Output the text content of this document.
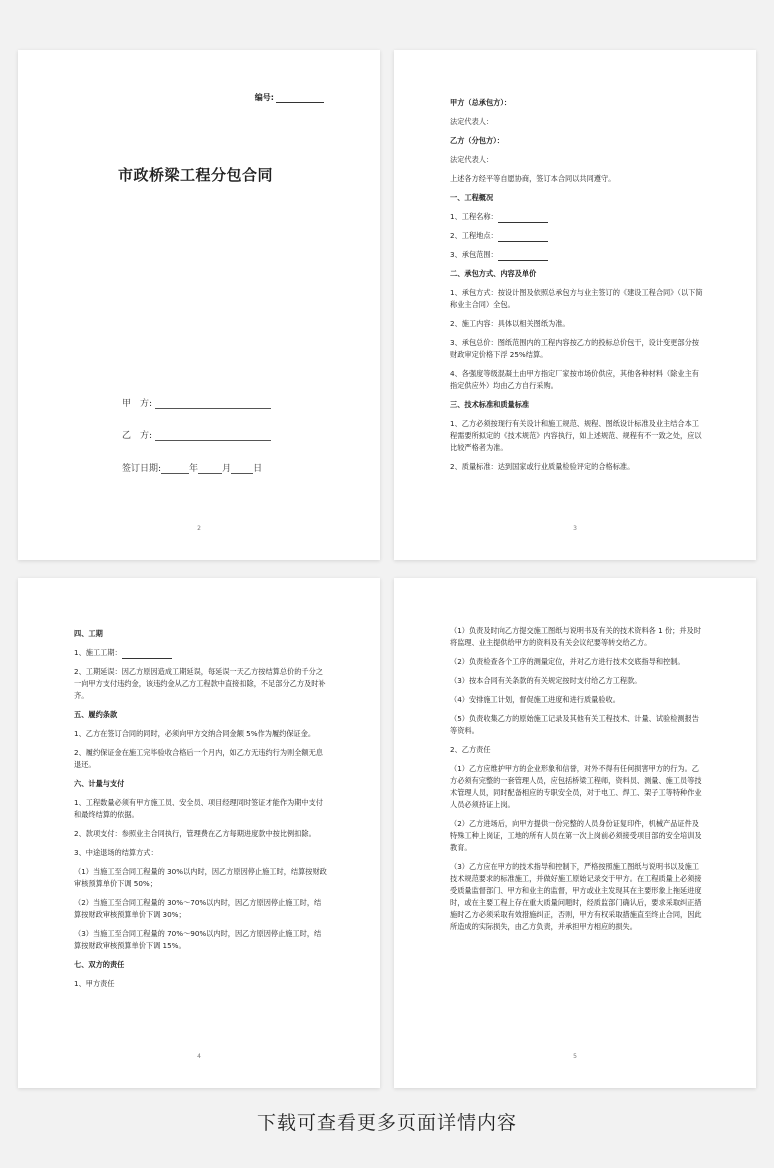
编号:
市政桥梁工程分包合同
甲　方:
乙　方:
签订日期:	年	月 日
2
甲方（总承包方）：
法定代表人：
乙方（分包方）：
法定代表人：
上述各方经平等自愿协商，签订本合同以共同遵守。
一、工程概况
1、工程名称：
2、工程地点：
3、承包范围：
二、承包方式、内容及单价
1、承包方式：按设计图及依照总承包方与业主签订的《建设工程合同》（以下简称业主合同）全包。
2、施工内容：具体以相关图纸为准。
3、承包总价：图纸范围内的工程内容按乙方的投标总价包干，设计变更部分按财政审定价格下浮 25%结算。
4、各强度等级混凝土由甲方指定厂家按市场价供应，其他各种材料（除业主有指定供应外）均由乙方自行采购。
三、技术标准和质量标准
1、乙方必须按现行有关设计和施工规范、规程、图纸设计标准及业主结合本工程需要所拟定的《技术规范》内容执行，如上述规范、规程有不一致之处，应以比较严格者为准。
2、质量标准：达到国家或行业质量检验评定的合格标准。
3
四、工期
1、施工工期：
2、工期延误：因乙方原因造成工期延误，每延误一天乙方按结算总价的千分之一向甲方支付违约金，该违约金从乙方工程款中直接扣除，不足部分乙方及时补齐。
五、履约条款
1、乙方在签订合同的同时，必须向甲方交纳合同金额 5%作为履约保证金。
2、履约保证金在施工完毕验收合格后一个月内，如乙方无违约行为则全额无息退还。
六、计量与支付
1、工程数量必须有甲方施工员、安全员、项目经理同时签证才能作为期中支付和最终结算的依据。
2、款项支付：参照业主合同执行，管理费在乙方每期进度款中按比例扣除。
3、中途退场的结算方式：
（1）当施工至合同工程量的 30%以内时，因乙方原因停止施工时，结算按财政审核预算单价下调 50%；
（2）当施工至合同工程量的 30%～70%以内时，因乙方原因停止施工时，结算按财政审核预算单价下调 30%；
（3）当施工至合同工程量的 70%～90%以内时，因乙方原因停止施工时，结算按财政审核预算单价下调 15%。
七、双方的责任
1、甲方责任
4
（1）负责及时向乙方提交施工图纸与说明书及有关的技术资料各 1 份；并及时将监理、业主提供给甲方的资料及有关会议纪要等转交给乙方。
（2）负责检查各个工序的测量定位，并对乙方进行技术交底指导和控制。
（3）按本合同有关条款的有关规定按时支付给乙方工程款。
（4）安排施工计划，督促施工进度和进行质量验收。
（5）负责收集乙方的原始施工记录及其他有关工程技术、计量、试验检测报告等资料。
2、乙方责任
（1）乙方应维护甲方的企业形象和信誉，对外不得有任何损害甲方的行为。乙方必须有完整的一套管理人员，应包括桥梁工程师，资料员、测量、施工员等技术管理人员，同时配备相应的专职安全员，对于电工、焊工、架子工等特种作业人员必须持证上岗。
（2）乙方进场后，向甲方提供一份完整的人员身份证复印件，机械产品证件及特殊工种上岗证，工地的所有人员在第一次上岗前必须接受项目部的安全培训及教育。
（3）乙方应在甲方的技术指导和控制下，严格按照施工图纸与说明书以及施工技术规范要求的标准施工，并做好施工原始记录交于甲方。在工程质量上必须接受质量监督部门、甲方和业主的监督，甲方或业主发现其在主要形象上拖延进度时，或在主要工程上存在重大质量问题时，经质监部门确认后，要求采取纠正措施时乙方必须采取有效措施纠正，否则，甲方有权采取措施直至终止合同，因此所造成的实际损失，由乙方负责，并承担甲方相应的损失。
5
下载可查看更多页面详情内容
